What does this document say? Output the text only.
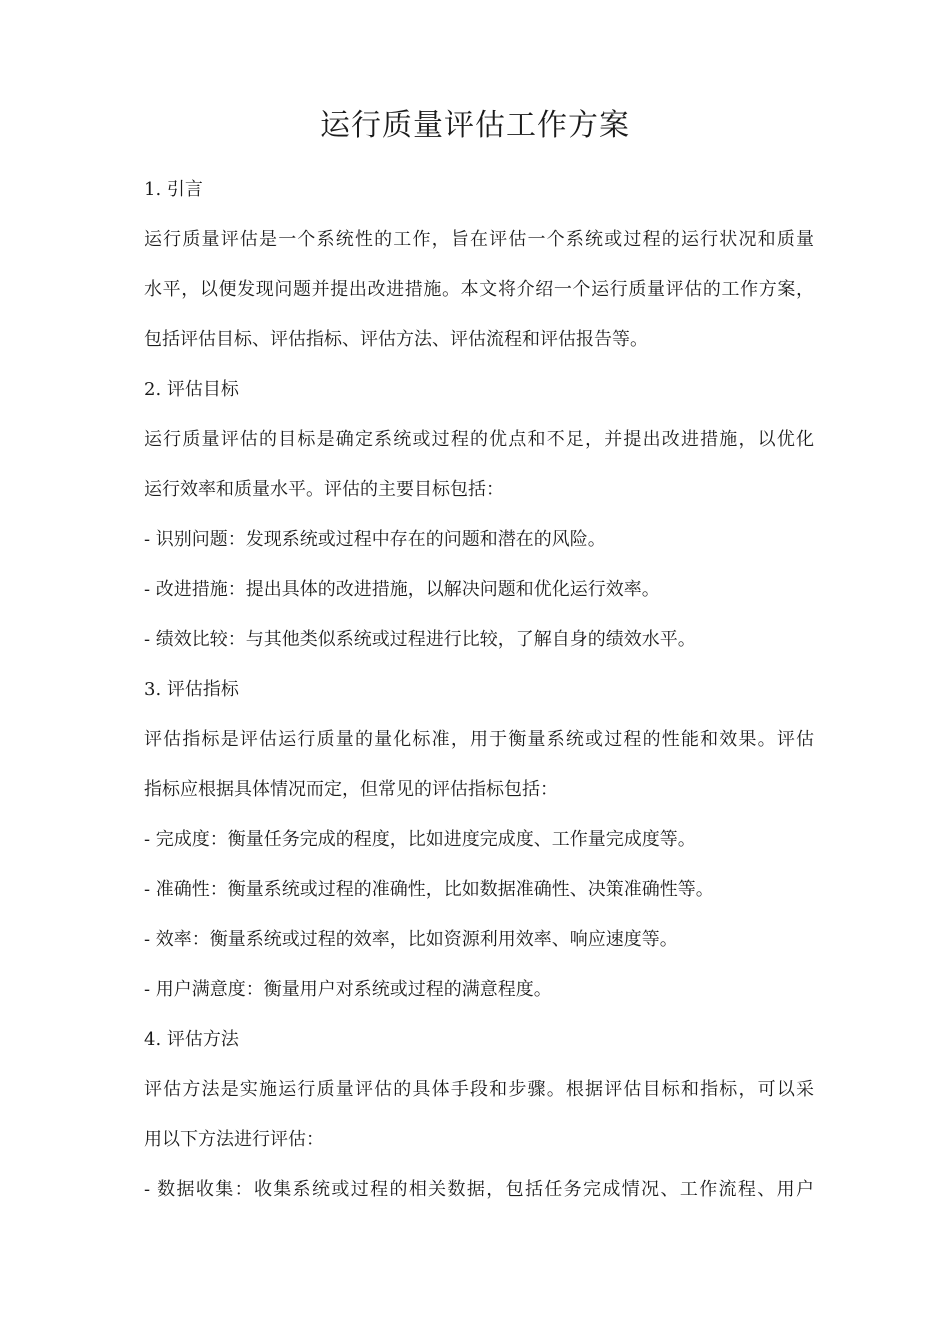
运行质量评估工作方案
1. 引言
运行质量评估是一个系统性的工作，旨在评估一个系统或过程的运行状况和质量
水平，以便发现问题并提出改进措施。本文将介绍一个运行质量评估的工作方案，
包括评估目标、评估指标、评估方法、评估流程和评估报告等。
2. 评估目标
运行质量评估的目标是确定系统或过程的优点和不足，并提出改进措施，以优化
运行效率和质量水平。评估的主要目标包括：
- 识别问题：发现系统或过程中存在的问题和潜在的风险。
- 改进措施：提出具体的改进措施，以解决问题和优化运行效率。
- 绩效比较：与其他类似系统或过程进行比较，了解自身的绩效水平。
3. 评估指标
评估指标是评估运行质量的量化标准，用于衡量系统或过程的性能和效果。评估
指标应根据具体情况而定，但常见的评估指标包括：
- 完成度：衡量任务完成的程度，比如进度完成度、工作量完成度等。
- 准确性：衡量系统或过程的准确性，比如数据准确性、决策准确性等。
- 效率：衡量系统或过程的效率，比如资源利用效率、响应速度等。
- 用户满意度：衡量用户对系统或过程的满意程度。
4. 评估方法
评估方法是实施运行质量评估的具体手段和步骤。根据评估目标和指标，可以采
用以下方法进行评估：
- 数据收集：收集系统或过程的相关数据，包括任务完成情况、工作流程、用户
